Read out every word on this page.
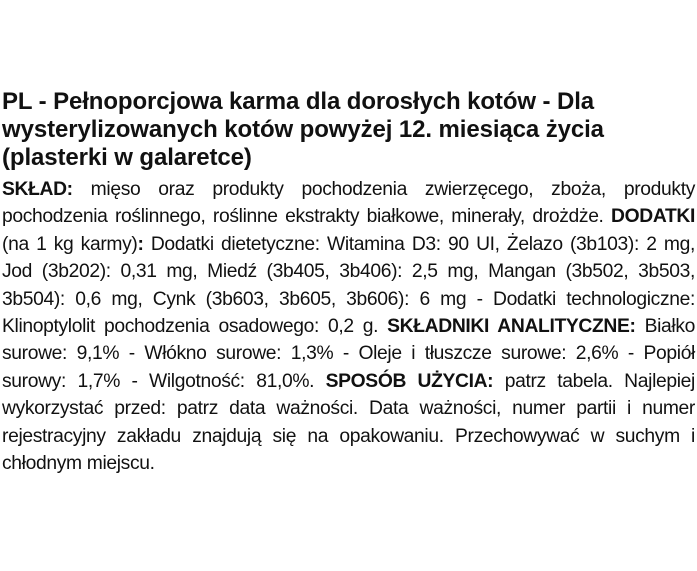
PL - Pełnoporcjowa karma dla dorosłych kotów - Dla wysterylizowanych kotów powyżej 12. miesiąca życia (plasterki w galaretce)

SKŁAD: mięso oraz produkty pochodzenia zwierzęcego, zboża, produkty pochodzenia roślinnego, roślinne ekstrakty białkowe, minerały, drożdże. DODATKI (na 1 kg karmy): Dodatki dietetyczne: Witamina D3: 90 UI, Żelazo (3b103): 2 mg, Jod (3b202): 0,31 mg, Miedź (3b405, 3b406): 2,5 mg, Mangan (3b502, 3b503, 3b504): 0,6 mg, Cynk (3b603, 3b605, 3b606): 6 mg - Dodatki technologiczne: Klinoptylolit pochodzenia osadowego: 0,2 g. SKŁADNIKI ANALITYCZNE: Białko surowe: 9,1% - Włókno surowe: 1,3% - Oleje i tłuszcze surowe: 2,6% - Popiół surowy: 1,7% - Wilgotność: 81,0%. SPOSÓB UŻYCIA: patrz tabela. Najlepiej wykorzystać przed: patrz data ważności. Data ważności, numer partii i numer rejestracyjny zakładu znajdują się na opakowaniu. Przechowywać w suchym i chłodnym miejscu.
